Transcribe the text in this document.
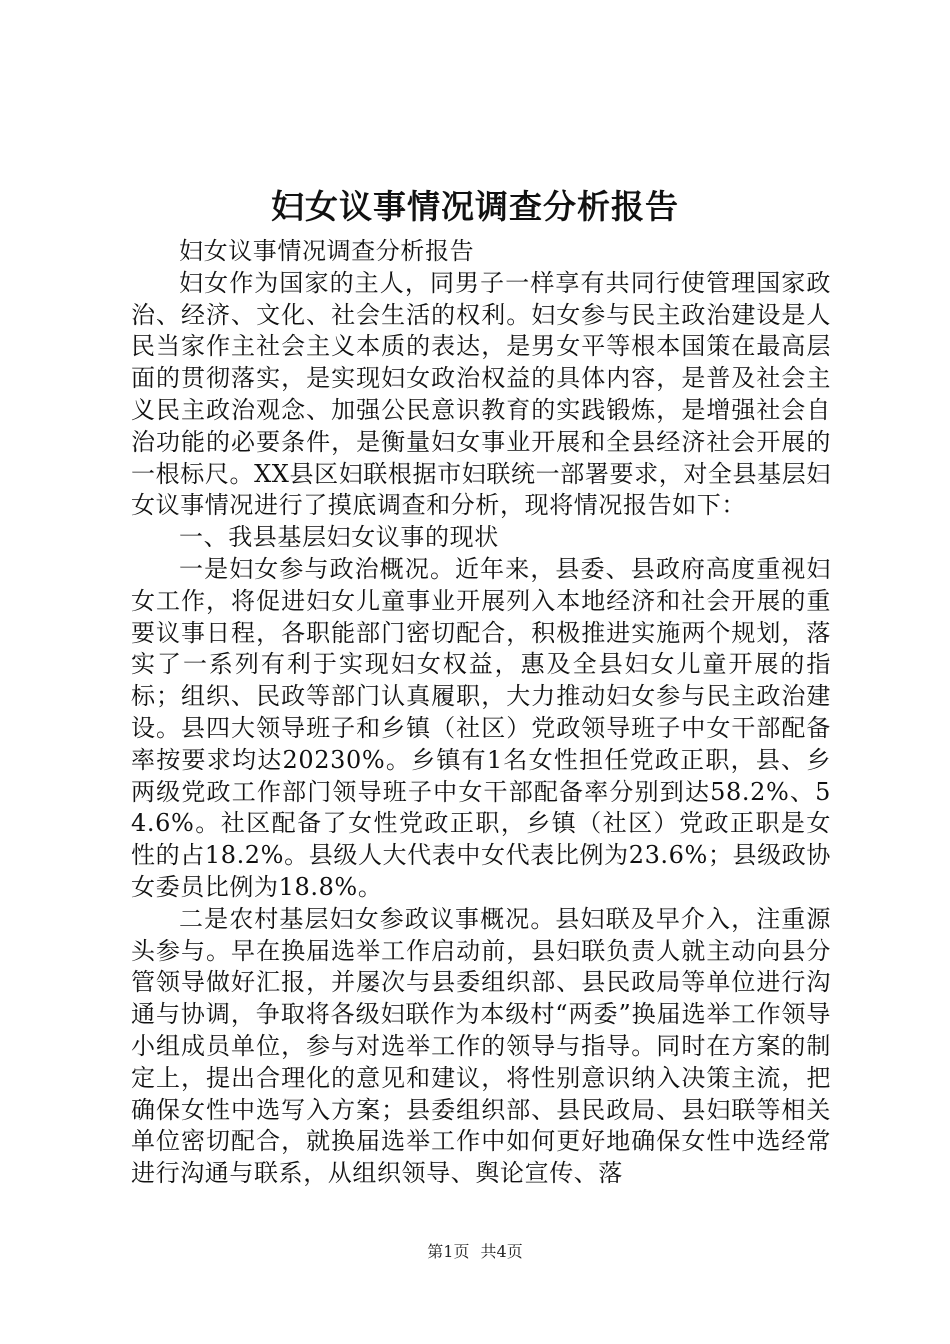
妇女议事情况调查分析报告

妇女议事情况调查分析报告

妇女作为国家的主人，同男子一样享有共同行使管理国家政治、经济、文化、社会生活的权利。妇女参与民主政治建设是人民当家作主社会主义本质的表达，是男女平等根本国策在最高层面的贯彻落实，是实现妇女政治权益的具体内容，是普及社会主义民主政治观念、加强公民意识教育的实践锻炼，是增强社会自治功能的必要条件，是衡量妇女事业开展和全县经济社会开展的一根标尺。XX县区妇联根据市妇联统一部署要求，对全县基层妇女议事情况进行了摸底调查和分析，现将情况报告如下：

一、我县基层妇女议事的现状

一是妇女参与政治概况。近年来，县委、县政府高度重视妇女工作，将促进妇女儿童事业开展列入本地经济和社会开展的重要议事日程，各职能部门密切配合，积极推进实施两个规划，落实了一系列有利于实现妇女权益，惠及全县妇女儿童开展的指标；组织、民政等部门认真履职，大力推动妇女参与民主政治建设。县四大领导班子和乡镇（社区）党政领导班子中女干部配备率按要求均达20230%。乡镇有1名女性担任党政正职，县、乡两级党政工作部门领导班子中女干部配备率分别到达58.2%、54.6%。社区配备了女性党政正职，乡镇（社区）党政正职是女性的占18.2%。县级人大代表中女代表比例为23.6%；县级政协女委员比例为18.8%。

二是农村基层妇女参政议事概况。县妇联及早介入，注重源头参与。早在换届选举工作启动前，县妇联负责人就主动向县分管领导做好汇报，并屡次与县委组织部、县民政局等单位进行沟通与协调，争取将各级妇联作为本级村“两委”换届选举工作领导小组成员单位，参与对选举工作的领导与指导。同时在方案的制定上，提出合理化的意见和建议，将性别意识纳入决策主流，把确保女性中选写入方案；县委组织部、县民政局、县妇联等相关单位密切配合，就换届选举工作中如何更好地确保女性中选经常进行沟通与联系，从组织领导、舆论宣传、落

第1页 共4页
